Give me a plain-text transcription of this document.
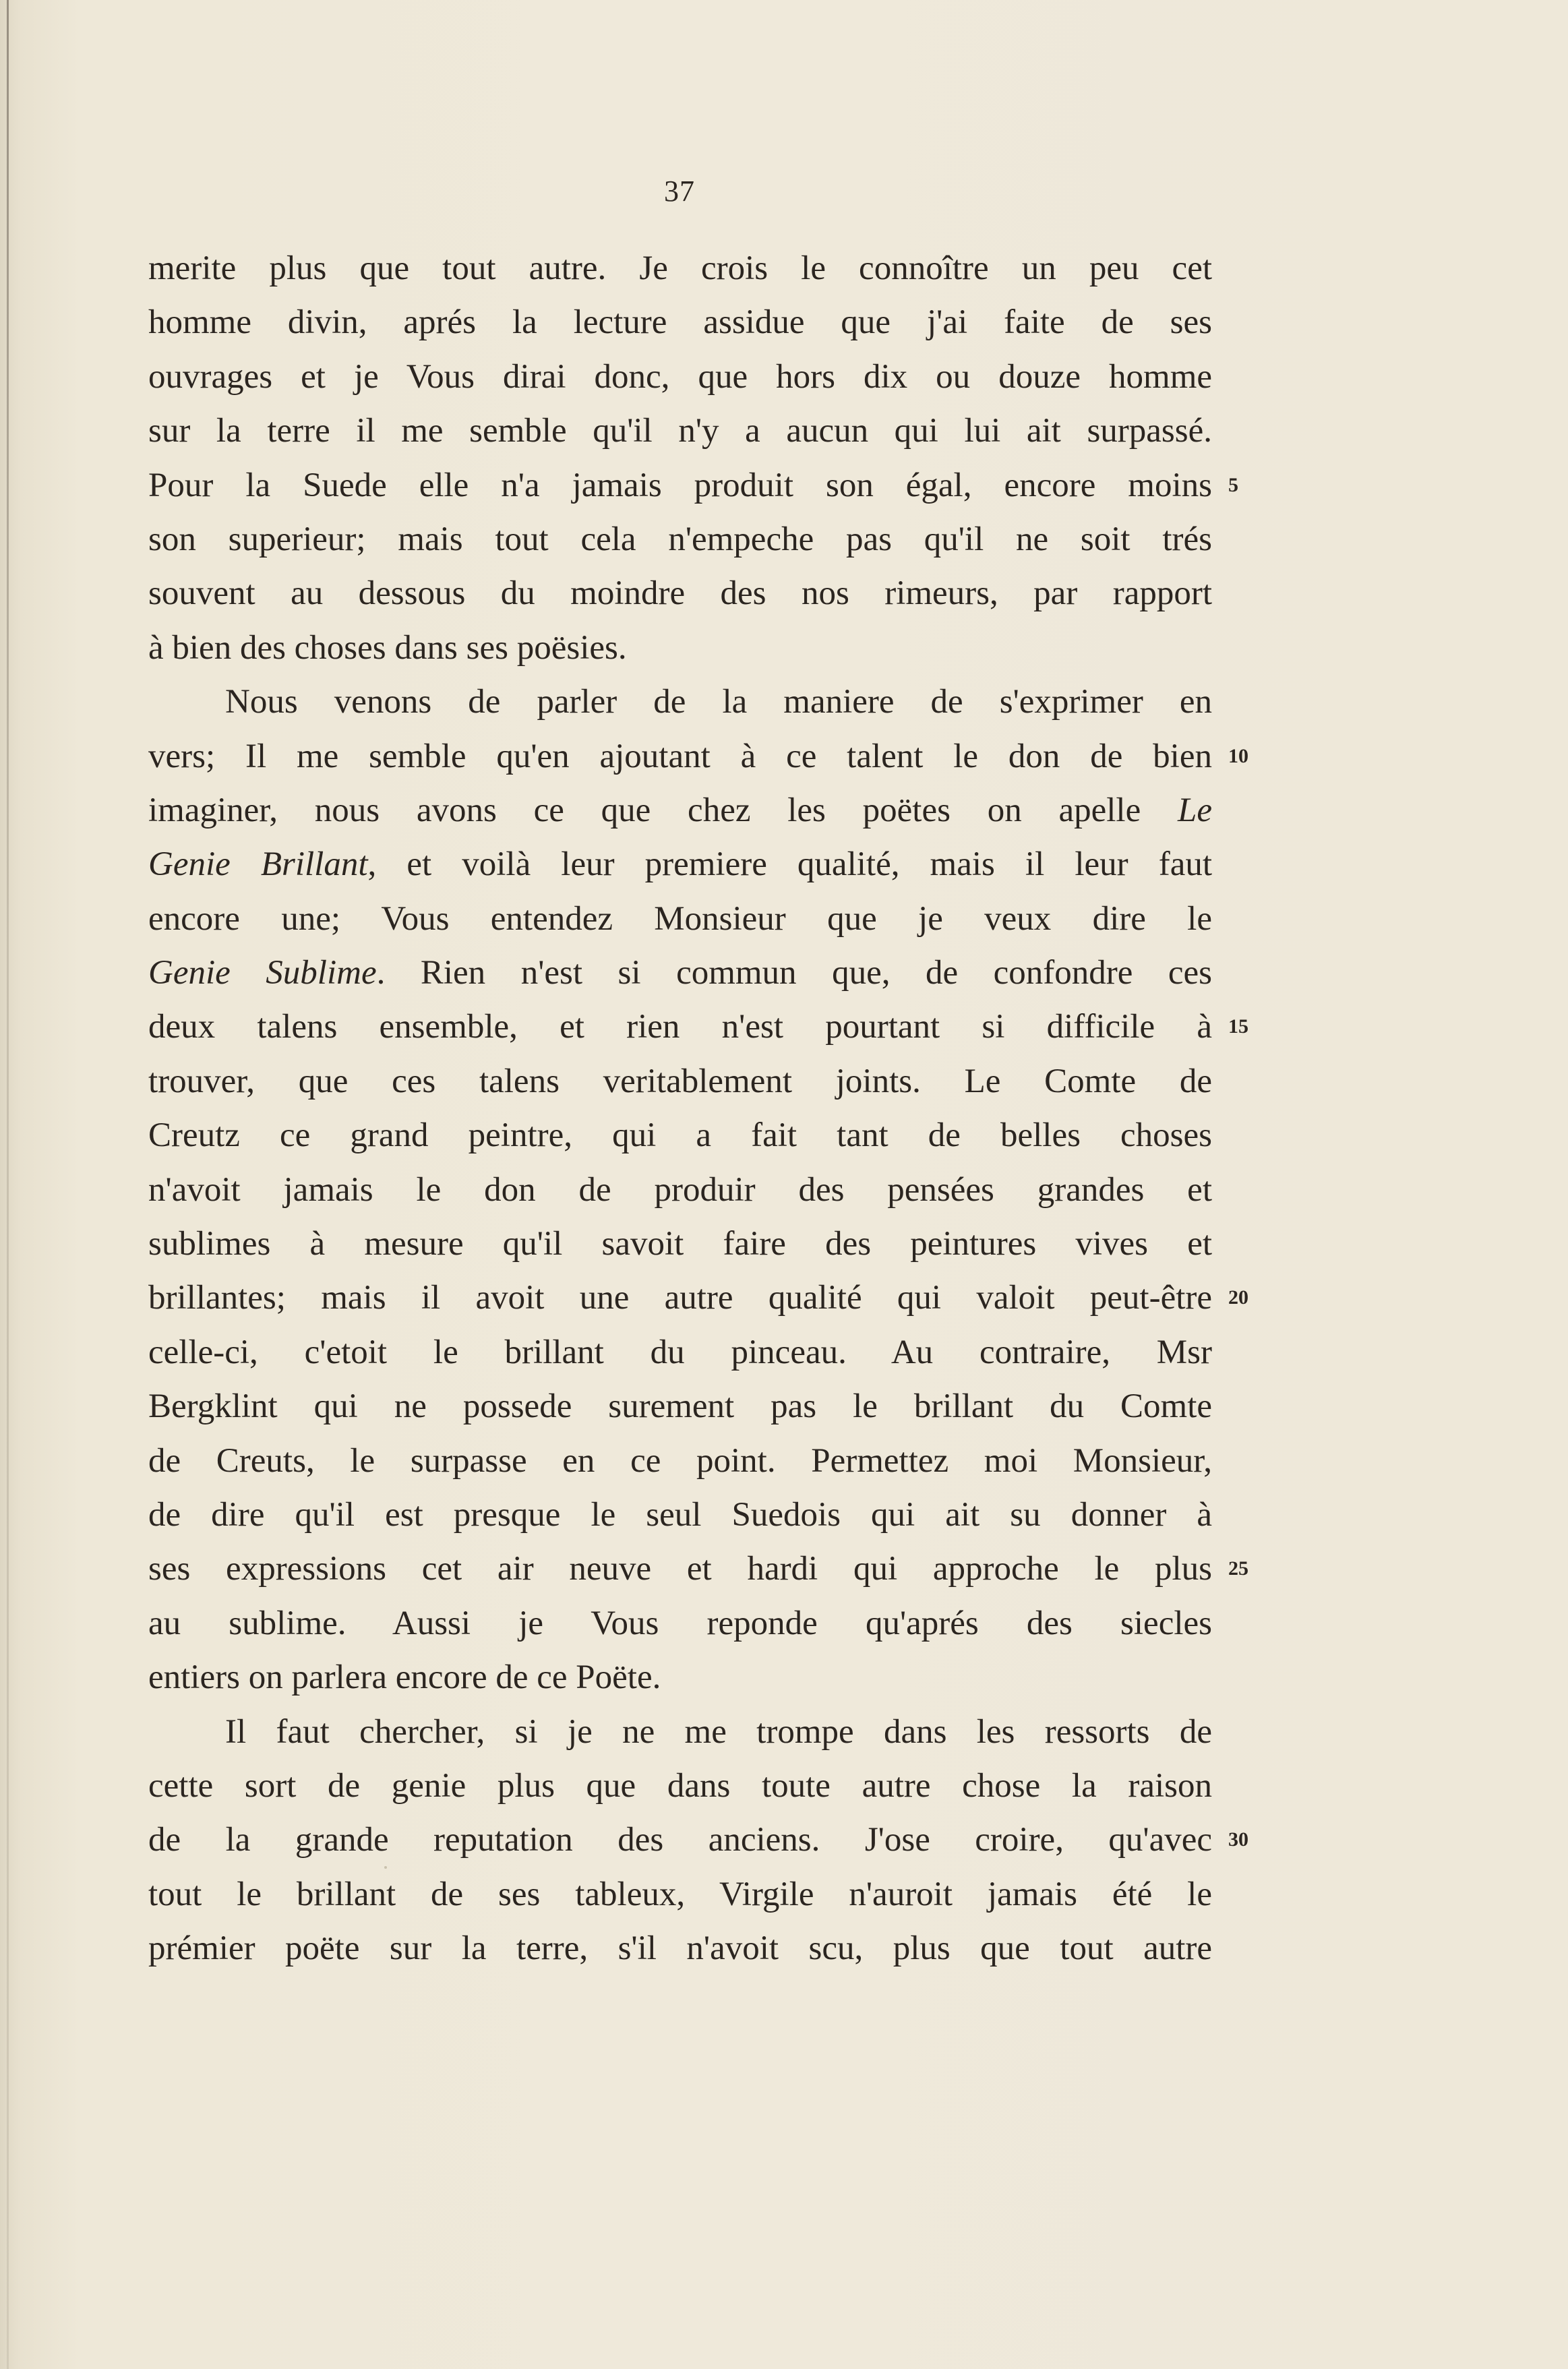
37
merite plus que tout autre. Je crois le connoître un peu cet
homme divin, aprés la lecture assidue que j'ai faite de ses
ouvrages et je Vous dirai donc, que hors dix ou douze homme
sur la terre il me semble qu'il n'y a aucun qui lui ait surpassé.
Pour la Suede elle n'a jamais produit son égal, encore moins 5
son superieur; mais tout cela n'empeche pas qu'il ne soit trés
souvent au dessous du moindre des nos rimeurs, par rapport
à bien des choses dans ses poësies.
Nous venons de parler de la maniere de s'exprimer en
vers; Il me semble qu'en ajoutant à ce talent le don de bien 10
imaginer, nous avons ce que chez les poëtes on apelle Le
Genie Brillant, et voilà leur premiere qualité, mais il leur faut
encore une; Vous entendez Monsieur que je veux dire le
Genie Sublime. Rien n'est si commun que, de confondre ces
deux talens ensemble, et rien n'est pourtant si difficile à 15
trouver, que ces talens veritablement joints. Le Comte de
Creutz ce grand peintre, qui a fait tant de belles choses
n'avoit jamais le don de produir des pensées grandes et
sublimes à mesure qu'il savoit faire des peintures vives et
brillantes; mais il avoit une autre qualité qui valoit peut-être 20
celle-ci, c'etoit le brillant du pinceau. Au contraire, Msr
Bergklint qui ne possede surement pas le brillant du Comte
de Creuts, le surpasse en ce point. Permettez moi Monsieur,
de dire qu'il est presque le seul Suedois qui ait su donner à
ses expressions cet air neuve et hardi qui approche le plus 25
au sublime. Aussi je Vous reponde qu'aprés des siecles
entiers on parlera encore de ce Poëte.
Il faut chercher, si je ne me trompe dans les ressorts de
cette sort de genie plus que dans toute autre chose la raison
de la grande reputation des anciens. J'ose croire, qu'avec 30
tout le brillant de ses tableux, Virgile n'auroit jamais été le
prémier poëte sur la terre, s'il n'avoit scu, plus que tout autre
